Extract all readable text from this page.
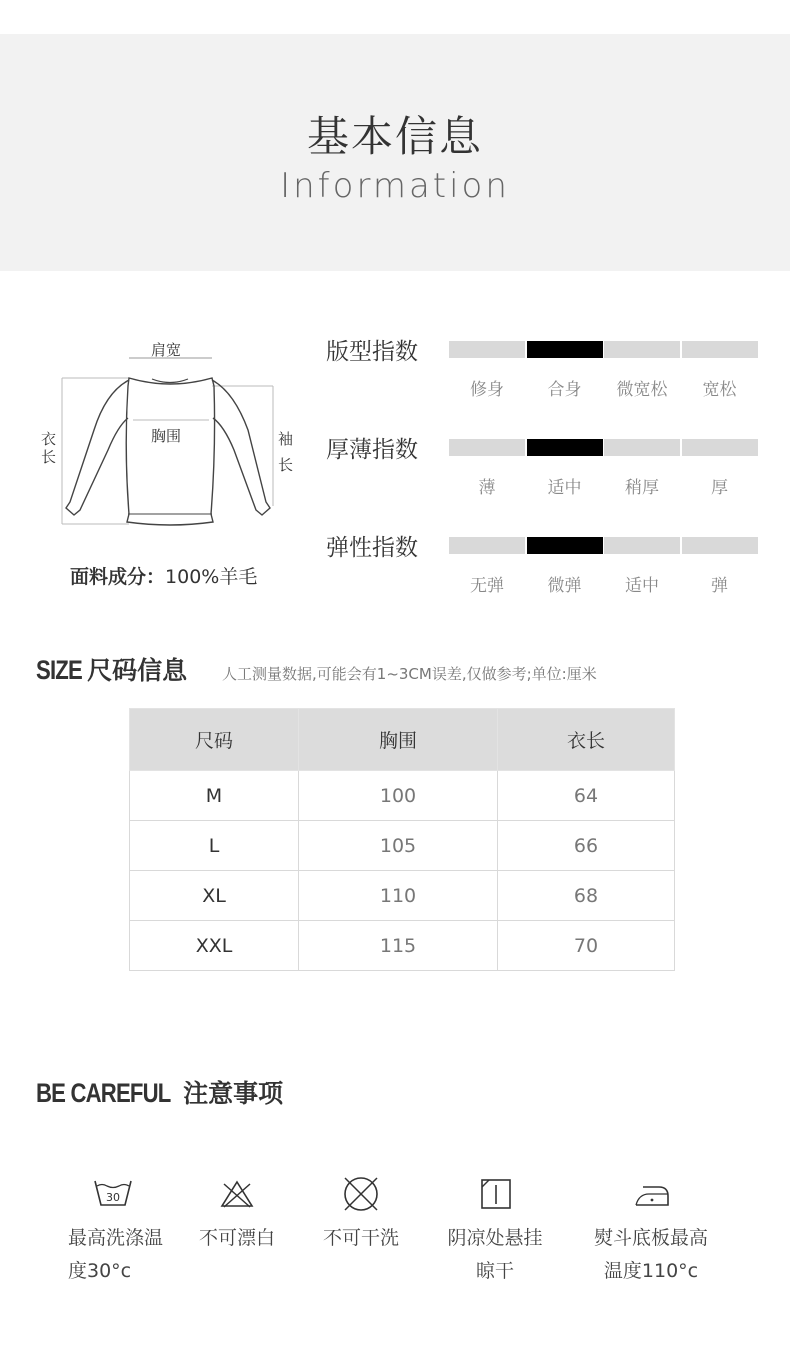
基本信息
Information
肩宽
胸围
衣
长
袖
长
面料成分：100%羊毛
版型指数
修身	合身	微宽松	宽松
厚薄指数
薄	适中	稍厚	厚
弹性指数
无弹	微弹	适中	弹
SIZE 尺码信息 人工测量数据,可能会有1~3CM误差,仅做参考;单位:厘米
尺码	胸围	衣长
M	100	64
L	105	66
XL	110	68
XXL	115	70
BE CAREFUL 注意事项
30
最高洗涤温
度30°c
不可漂白	不可干洗	阴凉处悬挂
晾干
熨斗底板最高
温度110°c
